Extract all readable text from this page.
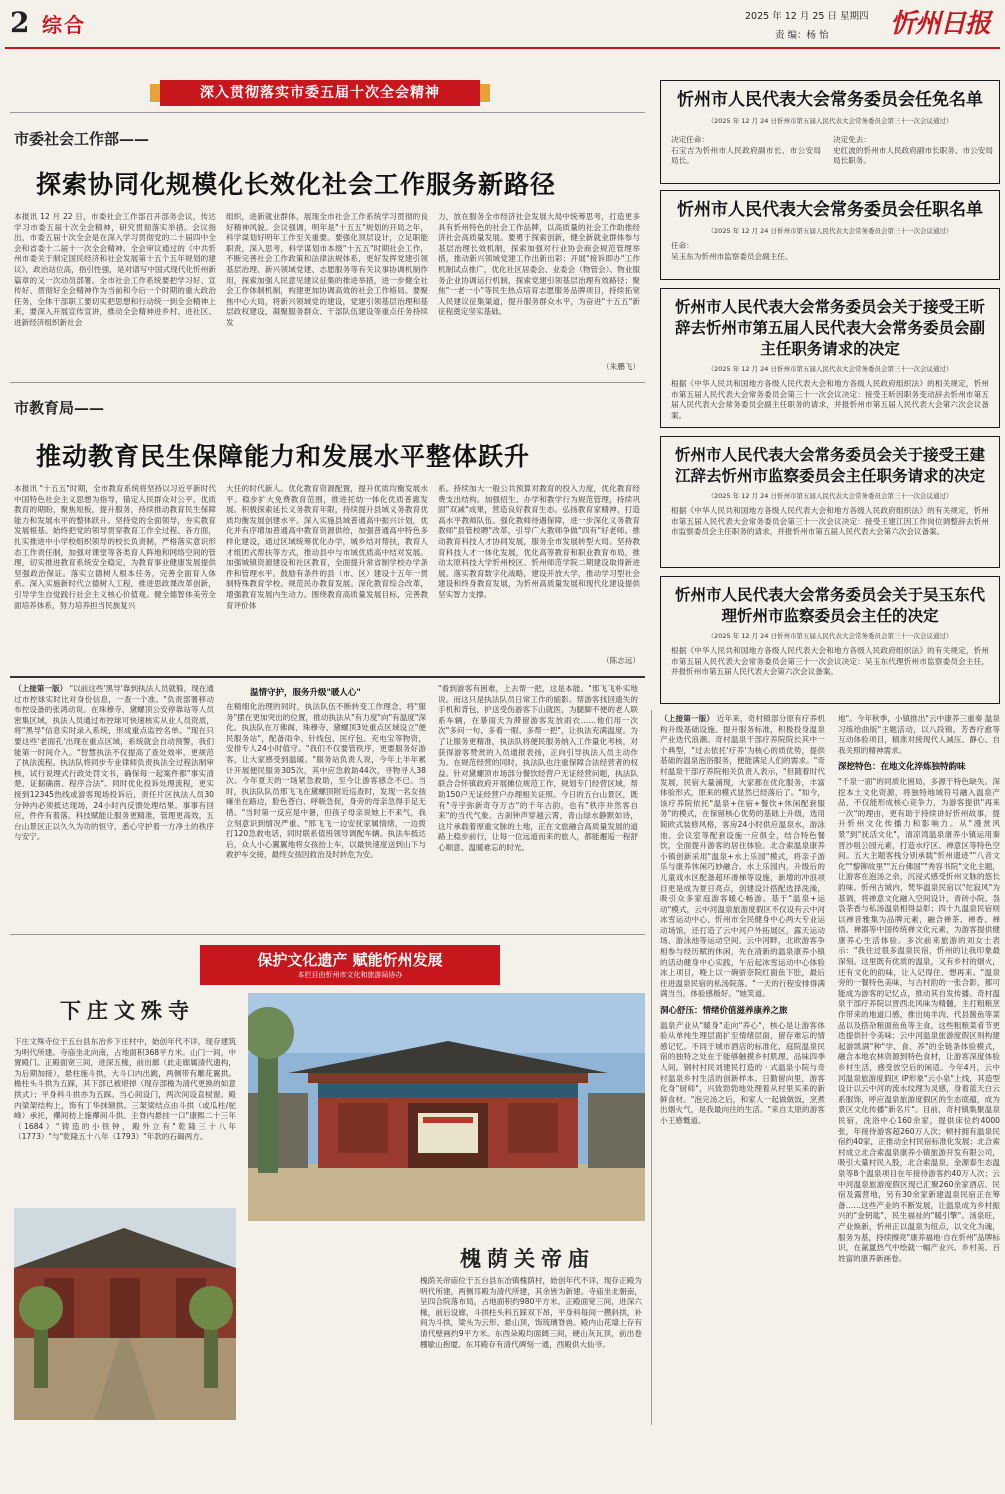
2 综合	2025 年 12 月 25 日 星期四
责 编：杨 怡 忻州日报
深入贯彻落实市委五届十次全会精神
市委社会工作部——
探索协同化规模化长效化社会工作服务新路径
本报讯 12 月 22 日，市委社会工作部召开部务会议，传达学习市委五届十次全会精神，研究贯彻落实举措。会议指出，市委五届十次全会是在深入学习贯彻党的二十届四中全会和省委十二届十一次全会精神、全会审议通过的《中共忻州市委关于制定国民经济和社会发展第十五个五年规划的建议》，政治站位高，指引性强，是对谱写中国式现代化忻州新篇章的又一次动员部署。全市社会工作系统要把学习好、宣传好、贯彻好全会精神作为当前和今后一个时期的重大政治任务，全体干部职工要切实把思想和行动统一到全会精神上来，要深入开展宣传宣讲，推动全会精神进乡村、进社区、进新经济组织新社会
组织，进新就业群体，展现全市社会工作系统学习贯彻的良好精神风貌。会议强调，明年是"十五五"规划的开局之年，科学谋划好明年工作至关重要。要强化顶层设计，立足职能职责，深入思考，科学谋划市本级"十五五"时期社会工作，不断完善社会工作政策和法律法规体系，更好发挥党建引领基层治理、新兴领域党建、志愿服务等有关议事协调机制作用，探索加强人民意见建议征集的推进举措，进一步健全社会工作体制机制，构建更加协调高效的社会工作格局。要聚焦中心大局，将新兴领域党的建设，党建引领基层治理和基层政权建设、凝聚服务群众、干部队伍建设等重点任务持续发
力，放在服务全市经济社会发展大局中统筹思考，打造更多具有忻州特色的社会工作品牌，以高质量的社会工作助推经济社会高质量发展。要勇于探索创新，健全新就业群体参与基层治理长效机制，探索加强对行业协会商会规范管理举措，推动新兴领域党建工作出新出彩；开展"接诉即办"工作机制试点推广，优化社区居委会、业委会（物管会）、物业服务企业协调运行机制，探索党建引领基层治理有效路径；聚焦"一老一小"等民生热点培育志愿服务品牌项目，持续拓宽人民建议征集渠道，提升服务群众水平，为奋进"十五五"新征程奠定坚实基础。
（朱鹏飞）
市教育局——
推动教育民生保障能力和发展水平整体跃升
本报讯 "十五五"时期，全市教育系统将坚持以习近平新时代中国特色社会主义思想为指导，锚定人民群众对公平、优质教育的期盼，聚焦短板，提升服务，持续推动教育民生保障能力和发展水平的整体跃升。坚持党的全面领导，夯实教育发展根基。始终把党的领导贯穿教育工作全过程、各方面，扎实推进中小学校组织领导的校长负责制，严格落实意识形态工作责任制，加强对课堂等各类育人阵地和网络空间的管理，切实推进教育系统安全稳定，为教育事业健康发展提供坚强政治保证。落实立德树人根本任务，完善全面育人体系。深入实施新时代立德树人工程，推进思政课改革创新，引导学生自觉践行社会主义核心价值观。健全德智体美劳全面培养体系，努力培养担当民族复兴
大任的时代新人。优化教育资源配置，提升优质均衡发展水平。稳步扩大免费教育范围，推进托幼一体化优质普惠发展。积极探索延长义务教育年限，持续提升县域义务教育优质均衡发展创建水平。深入实施县域普通高中振兴计划，优化并有序增加普通高中教育资源供给，加强普通高中特色多样化建设，通过区域统筹优化办学，城乡结对帮扶，教育人才组团式帮扶等方式，推动县中与市域优质高中结对发展。加强城镇资源建设和社区教育，全面提升常省制学校办学条件和管理水平。鼓励有条件的县（市、区）建设十五年一贯制特殊教育学校。规范民办教育发展。深化教育综合改革，增强教育发展内生动力。围绕教育高质量发展目标，完善教育评价体
系。持续加大一般公共预算对教育的投入力度，优化教育经费支出结构。加强招生、办学和教学行为规范管理，持续巩固"双减"成果，营造良好教育生态。弘扬教育家精神，打造高水平教师队伍。强化教师待遇保障，进一步深化义务教育教师"县管校聘"改革，引导广大教师争做"四有"好老师。推动教育科技人才协同发展，服务全市发展转型大局。坚持教育科技人才一体化发展，优化高等教育和职业教育布局，推动太原科技大学忻州校区、忻州师范学院二期建设取得新进展。落实教育数字化战略，建设开放大学，推动学习型社会建设和终身教育发展，为忻州高质量发展和现代化建设提供坚实智力支撑。
（陈志远）
忻州市人民代表大会常务委员会任免名单
（2025 年 12 月 24 日忻州市第五届人民代表大会常务委员会第三十一次会议通过）
决定任命：
石宝吉为忻州市人民政府副市长、市公安局局长。
决定免去：
史红波的忻州市人民政府副市长职务、市公安局局长职务。
忻州市人民代表大会常务委员会任职名单
（2025 年 12 月 24 日忻州市第五届人民代表大会常务委员会第三十一次会议通过）
任命：
吴玉东为忻州市监察委员会副主任。
忻州市人民代表大会常务委员会关于接受王昕辞去忻州市第五届人民代表大会常务委员会副主任职务请求的决定
（2025 年 12 月 24 日忻州市第五届人民代表大会常务委员会第三十一次会议通过）
根据《中华人民共和国地方各级人民代表大会和地方各级人民政府组织法》的相关规定，忻州市第五届人民代表大会常务委员会第三十一次会议决定：接受王昕因职务变动辞去忻州市第五届人民代表大会常务委员会副主任职务的请求，并报忻州市第五届人民代表大会第六次会议备案。
忻州市人民代表大会常务委员会关于接受王建江辞去忻州市监察委员会主任职务请求的决定
（2025 年 12 月 24 日忻州市第五届人民代表大会常务委员会第三十一次会议通过）
根据《中华人民共和国地方各级人民代表大会和地方各级人民政府组织法》的有关规定，忻州市第五届人民代表大会常务委员会第三十一次会议决定：接受王建江因工作岗位调整辞去忻州市监察委员会主任职务的请求，并报忻州市第五届人民代表大会第六次会议备案。
忻州市人民代表大会常务委员会关于吴玉东代理忻州市监察委员会主任的决定
（2025 年 12 月 24 日忻州市第五届人民代表大会常务委员会第三十一次会议通过）
根据《中华人民共和国地方各级人民代表大会和地方各级人民政府组织法》的有关规定，忻州市第五届人民代表大会常务委员会第三十一次会议决定：吴玉东代理忻州市监察委员会主任，并报忻州市第五届人民代表大会第六次会议备案。
（上接第一版） "以前这些'黑导'靠到执法人员就躲，现在通过市控球实时比对身份信息，一查一个准。"负责部署移动布控设备的张鸿动说。在珠穆寺、黛螺顶公安停靠站等人员密集区域，执法人员通过布控球可快速核实从业人员资质，将"黑导"信息实时录入系统，形成重点监控名单。"现在只要这些'老面孔'出现在重点区域，系统就会自动预警，我们能第一时间介入。"智慧执法不仅提高了查处效率，更规范了执法流程。执法队将同步专业律师负责执法全过程法制审核，试行说理式行政处罚文书，确保每一起案件都"事实清楚、证据确凿、程序合法"。同时优化投诉处理流程，更实接到12345热线或游客现场投诉后，责任片区执法人员30分钟内必须抵达现场，24小时内反馈处理结果。事事有回应，件件有着落。科技赋能让服务更精准，管理更高效，五台山景区正以久久为功的恒守，悉心守护着一方净土的秩序与安宁。
温情守护，服务升级"暖人心"
在精细化治理的同时，执法队伍不断转变工作理念，将"服务"摆在更加突出的位置，推动执法从"有力度"向"有温度"深化。执法队在万佛阁、珠穆寺、黛螺顶3处重点区域设立"便民服务站"，配备雨伞、针线包、医疗包、充电宝等物资，安排专人24小时值守。"我们不仅要管秩序，更要服务好游客，让大家感受到温暖。"服务站负责人说，今年上半年累计开展便民服务305次，其中应急救助44次，寻物寻人38次。今年夏天的一场紧急救助，至今让游客感念不已。当时，执法队队员邢飞飞在黛螺顶附近巡查时，发现一名女孩瘫坐在路边，脸色苍白、呼吸急促，身旁的母亲急得手足无措。"当时第一反应是中暑，但孩子母亲说她上不来气，我立刻意识到情况严重。"邢飞飞一边安抚家属情绪，一边拨打120急救电话，同时联系值班领导调配车辆。执法车抵达后，众人小心翼翼地将女孩抬上车，以最快速度送到山下与救护车交接，最终女孩因救治及时转危为安。
"看到游客有困难，上去帮一把，这是本能。"邢飞飞朴实地说。而这只是执法队员日常工作的缩影。帮游客找回遗失的手机和背包，护送受伤游客下山就医，为腿脚不便的老人联系车辆，在暴雨天为滞留游客发放雨衣……他们用一次次"多问一句、多看一眼、多帮一把"，让执法充满温度。为了让服务更精准，执法队将便民服务纳入工作量化考核，对获得游客赞赏的人员通报表扬，正向引导执法人员主动作为。在规范经营的同时，执法队也注重保障合法经营者的权益。针对黛螺顶市场部分餐饮经营户无证经营问题，执法队联合合怀镇政府开展摊位规范工作，规划专门经营区域，帮助150户无证经营户办理相关证照。今日的五台山景区，既有"寺宇弥新奇夺万吉"的千年古韵，也有"秩序井然客自来"的当代气象。古刹钟声穿越云霄，青山绿水静默如诗，这片承载着厚重文脉的土地，正在文旅融合高质量发展的道路上稳步前行，让每一位远道而来的旅人，都能邂逅一程舒心顺意、温暖难忘的时光。
保护文化遗产 赋能忻州发展
本栏目由忻州市文化和旅游局协办
下庄文殊寺
下庄文殊寺位于五台县东冶乡下庄村中，始创年代不详，现存建筑为明代所建。寺庙坐北向南，占地面积368平方米。山门一间，中置殿门。正殿面宽三间，进深五椽，前出廊（此走廊属清代遗构，为后期加接），悬柱施斗拱，大斗口内出跳，两侧带有雕花翼拱。檐柱头斗拱为五踩，其下部已被堪掉（现存部檐为清代更换的如意拱式）；平身科斗拱亦为五踩。当心间设门，两次间设直棂窗。殿内梁架结构上，饰有丁华抹颏拱。三架梁结点由斗拱（或瓜柱/驼峰）承托，襻间枋上施襻间斗拱。主脊内悬挂一口"康熙二十三年（1684）"铸造的小铁钟，殿外立有"乾隆三十八年（1773）"与"乾隆五十八年（1793）"年款的石碣两方。
槐荫关帝庙
槐荫关帝庙位于五台县东冶镇槐荫村，始创年代不详，现存正殿为明代所建，两侧耳殿为清代所建，其余皆为新建。寺庙坐北朝南，呈四合院落布局，占地面积约980平方米。正殿面宽三间，进深六椽，前后设廊，斗拱柱头科五踩双下昂，平身科每间一攒斜拱，补间为斗拱，梁头为云形、悬山顶，饰琉璃脊兽。殿内山花墙上存有清代壁画约9平方米。东西朵殿均面阔三间，硬山灰瓦顶，前出卷棚歇山抱厦。东耳殿存有清代碑刻一通，西殿供大仙爷。
（上接第一版） 近年来，奇村镇部分原有疗养机构升级基础设施、提升服务标准，积极投身温泉产业迭代浪潮。奇村温泉干部疗养院院长其中一个典型，"过去依托'疗养'为核心的质优势，提供基础的温泉泡浴服务，便能满足人们的需求。"奇村温泉干部疗养院相关负责人表示，"但随着时代发展，民宿大量涌现，大家都在优化服务，丰富体验形式，原来的模式显然已经落后了。"如今，该疗养院依托"温泉+住宿+餐饮+休闲配套服务"的模式，在保留核心优势的基础上升级，选用简欧式装修风格，客房24小时供应温泉水，游泳池、会议室等配套设施一应俱全，结合特色餐饮，全面提升游客的居住体验。北合索温泉康养小镇创新采用"温泉+水上乐园"模式，将亲子游乐与康养休闲巧妙融合。水上乐园内，升级后的儿童戏水区配备超环滑梯等设施，新增的冲浪项目更是成为夏日亮点，创建设计搭配选择洗澡，吸引众多家庭游客暖心畅游。基于"温泉+运动"模式，云中河温泉旅游度假区不仅设有云中河冰雪运动中心、忻州市全民健身中心两大专业运动场馆，还打造了云中河户外拓展区，露天运动场、游泳池等运动空间。云中河畔，北欧游客争相参与经历赋的休闲，先在清新的温泉康养小镇的活动健身中心实践，午后起冰雪运动中心体验冰上项目，晚上以一碗骄奈院红面鱼下肚，最后住进温泉民宿的私汤院落。"一天的行程安排得满满当当，体验感极好。"她笑道。
洞心舒压：情绪价值滋养康养之旅
温泉产业从"暖身"走向"养心"，核心是让游客体验从单纯生理层面扩至情绪层面，留存难忘的情感记忆。不同于城市酒店的标准化，庭院温泉民宿的独特之处在于能够触摸乡村肌理、品味四季人间。钢村村民刘建民打造的 · 式温泉小院与奇村温泉乡村生活的创新样本。日勤留向里，游客化身"厨师"，兴致勃勃地处理着从村里买来的新鲜食材。"泡完汤之后，和家人一起做做饭，烹煮出烟火气，是我最向往的生活。"来自太原的游客小王感慨道。
地"。今年秋季，小镇推出"云中康养三重奏 温泉习练给曲版"主题活动，以八段锦、芳香疗愈等互动体验项目，精准对接现代人减压、静心、自我关照的精神需求。
深挖特色：在地文化淬炼独特韵味
"千泉一面"的同质化困局，多源于特色缺失。深挖本土文化资源，将独特地域符号融入温泉产品，不仅能形成核心竞争力，为游客提供"再来一次"的理由，更有助于持续讲好忻州故事，提升忻州文化传播力和影响力。从"漫赏风景"到"抚活文化"，清凉湾温泉康养小镇运用秦晋沙咀公园元素，打造水疗区、禅意区等特色空间。五大主题客栈分别承载"忻州遗迹""八音文化""黎铆故里""五台佛国""秀容书院"文化主题，让游客在泡汤之余，沉浸式感受忻州文脉的悠长韵味。忻州古城内，梵华温泉民宿以"佗寂风"为基调，将禅意文化融入空间设计，青砖小院、袅袅茶香与私汤温泉相得益彰；四十九温泉民宿则以禅音雅集为品牌元素，融合禅茶、禅香、禅悟、禅器等中国传统禅文化元素，为游客提供健康养心生活体验。多次前来旅游的刘女士表示："我住过很多温泉民宿，忻州的让我印象最深刻。这里既有优质的温泉，又有乡村的烟火，还有文化的韵味，让人记得住、想再来。"温泉旁的一餐特色美味，与古村韵的一张合影，都可能成为游客的记忆点，推动其自发传播。奇村温泉干部疗养院以晋西北风味为精髓，主打粗粮烹作带来的地道口感，推出炖羊肉、代县酱鱼等菜品以及搭杂粮面鱼鱼等主食，这些粗粮菜肴节更迭提供针令美味；云中河温泉旅游度假区则构建起游凯满"种"学、食、养"的全链条体验模式，融合本地农林资源到特色食材，让游客深度体验乡村生活，感受放空后的闲适。今年4月，云中河温泉旅游度假区 IP形象"云小泉"上线，其造型设计以云中河的流水纹理为灵感，身着蓝天白云系服饰，呼应温泉旅游度假区的生态底蕴，成为景区文化传播"新名片"。目前，奇村镇集聚温泉民宿，洗浴中心160余家，提供床位约4000张，年接待游客超260万人次；顿村拥有温泉民宿约40家，正推动全村民宿标准化发展；北合索村成立北合索温泉康养小镇旅游开发有限公司，吸引大量村民入股，北合索温泉、金源泰生态温泉等8个温泉项目在年接待游客约40万人次；云中河温泉旅游度假区现已汇聚260余家酒店、民宿及露营地，另有30余家新建温泉民宿正在筹备……这些产业的不断发展，让温泉成为乡村振兴的"金钥匙"，民生福祉的"暖引擎"。汤泉旺，产业焕新，忻州正以温泉为纽点，以文化为魂，服务为基，持续擦亮"康养福地·自在忻州"品牌标识，在氤氲热气中绘就一幅产业兴、乡村美、百姓富的康养新画卷。
